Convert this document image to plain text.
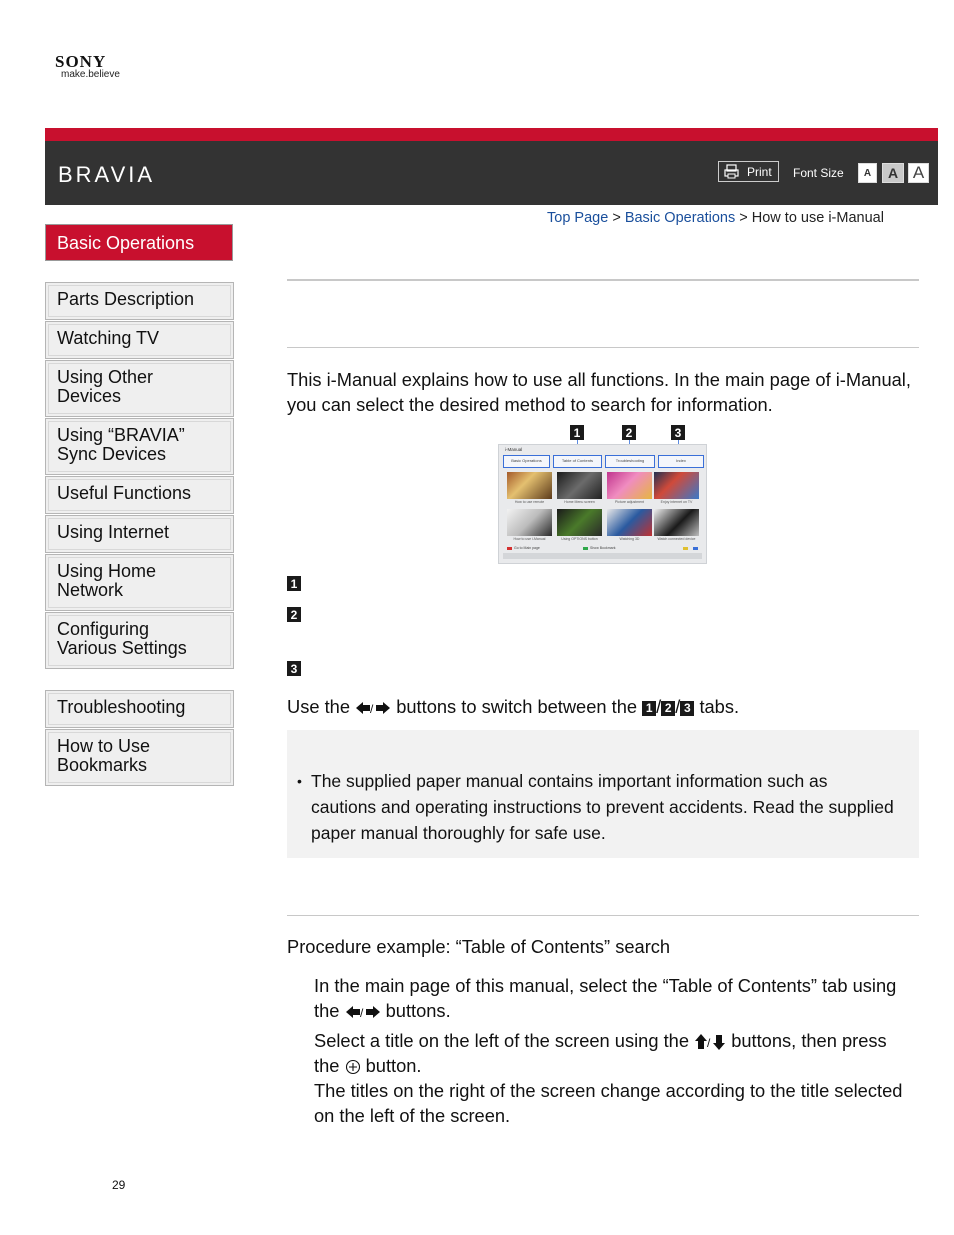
SONY
make.believe
BRAVIA	Print Font Size	A	A A
Top Page > Basic Operations > How to use i-Manual
Basic Operations
Parts Description
Watching TV
Using Other Devices
Using “BRAVIA” Sync Devices
Useful Functions
Using Internet
Using Home Network
Configuring Various Settings
Troubleshooting
How to Use Bookmarks
This i-Manual explains how to use all functions. In the main page of i-Manual, you can select the desired method to search for information.
1	2	3
i-Manual
Basic Operations	Table of Contents	Troubleshooting	Index
How to use remote	Home Menu screen	Picture adjustment	Enjoy internet on TV
How to use i-Manual	Using OPTIONS button	Watching 3D	Watch connected device
Go to Main page	Show Bookmark
1
2
3
Use the / buttons to switch between the 1 / 2 / 3 tabs.
• The supplied paper manual contains important information such as cautions and operating instructions to prevent accidents. Read the supplied paper manual thoroughly for safe use.
Procedure example: “Table of Contents” search
In the main page of this manual, select the “Table of Contents” tab using the / buttons.
Select a title on the left of the screen using the / buttons, then press the button.
The titles on the right of the screen change according to the title selected on the left of the screen.
29
